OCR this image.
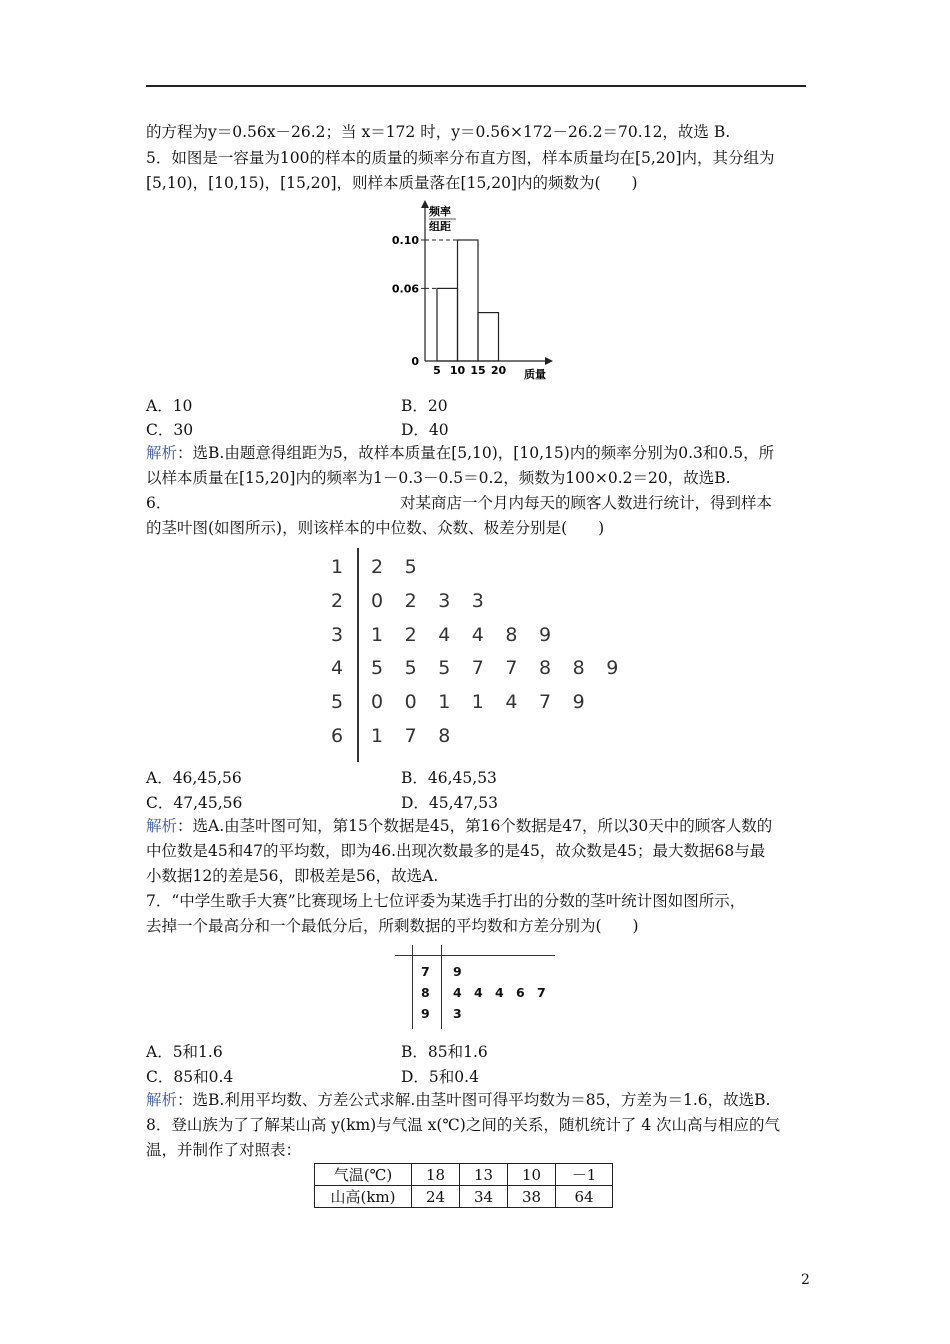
的方程为y＝0.56x－26.2；当 x＝172 时，y＝0.56×172－26.2＝70.12，故选 B.
5．如图是一容量为100的样本的质量的频率分布直方图，样本质量均在[5,20]内，其分组为
[5,10)，[10,15)，[15,20]，则样本质量落在[15,20]内的频数为(　　)
频率
组距
质量
0
0.06
0.10
5 10 15 20
A．10	B．20
C．30	D．40
解析：选B.由题意得组距为5，故样本质量在[5,10)，[10,15)内的频率分别为0.3和0.5，所
以样本质量在[15,20]内的频率为1－0.3－0.5＝0.2，频数为100×0.2＝20，故选B.
6．	对某商店一个月内每天的顾客人数进行统计，得到样本
的茎叶图(如图所示)，则该样本的中位数、众数、极差分别是(　　)
1 2 5
2 0 2 3 3
3 1 2 4 4 8 9
4 5 5 5 7 7 8 8 9
5 0 0 1 1 4 7 9
6 1 7 8
A．46,45,56	B．46,45,53
C．47,45,56	D．45,47,53
解析：选A.由茎叶图可知，第15个数据是45，第16个数据是47，所以30天中的顾客人数的
中位数是45和47的平均数，即为46.出现次数最多的是45，故众数是45；最大数据68与最
小数据12的差是56，即极差是56，故选A.
7．“中学生歌手大赛”比赛现场上七位评委为某选手打出的分数的茎叶统计图如图所示，
去掉一个最高分和一个最低分后，所剩数据的平均数和方差分别为(　　)
7 9
8 4 4 4 6 7
9 3
A．5和1.6	B．85和1.6
C．85和0.4	D．5和0.4
解析：选B.利用平均数、方差公式求解.由茎叶图可得平均数为＝85，方差为＝1.6，故选B.
8．登山族为了了解某山高 y(km)与气温 x(℃)之间的关系，随机统计了 4 次山高与相应的气
温，并制作了对照表：
气温(℃)	18	13	10	－1
山高(km)	24	34	38	64
2
